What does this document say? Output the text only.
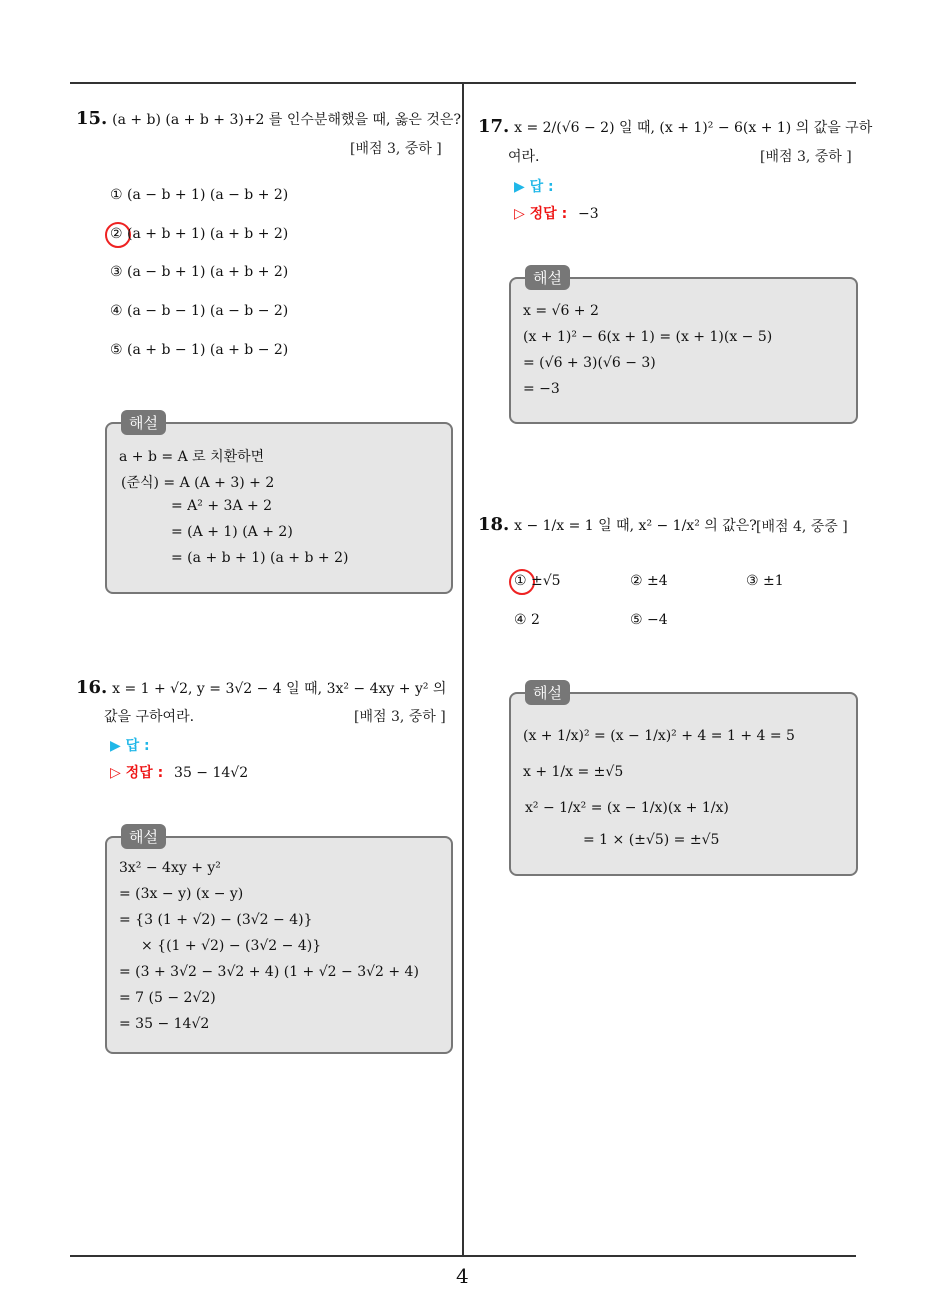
4
15. (a + b) (a + b + 3)+2 를 인수분해했을 때, 옳은 것은?
[배점 3, 중하 ]
① (a − b + 1) (a − b + 2)
② (a + b + 1) (a + b + 2)
③ (a − b + 1) (a + b + 2)
④ (a − b − 1) (a − b − 2)
⑤ (a + b − 1) (a + b − 2)
해설
a + b = A 로 치환하면
(준식) = A (A + 3) + 2
= A² + 3A + 2
= (A + 1) (A + 2)
= (a + b + 1) (a + b + 2)
16. x = 1 + √2, y = 3√2 − 4 일 때, 3x² − 4xy + y² 의
값을 구하여라.	[배점 3, 중하 ]
▶ 답 :
▷ 정답 : 35 − 14√2
해설
3x² − 4xy + y²
= (3x − y) (x − y)
= {3 (1 + √2) − (3√2 − 4)}
× {(1 + √2) − (3√2 − 4)}
= (3 + 3√2 − 3√2 + 4) (1 + √2 − 3√2 + 4)
= 7 (5 − 2√2)
= 35 − 14√2
17. x = 2/(√6 − 2) 일 때, (x + 1)² − 6(x + 1) 의 값을 구하
여라.	[배점 3, 중하 ]
▶ 답 :
▷ 정답 : −3
해설
x = √6 + 2
(x + 1)² − 6(x + 1) = (x + 1)(x − 5)
= (√6 + 3)(√6 − 3)
= −3
18. x − 1/x = 1 일 때, x² − 1/x² 의 값은? [배점 4, 중중 ]
① ±√5	② ±4	③ ±1
④ 2	⑤ −4
해설
(x + 1/x)² = (x − 1/x)² + 4 = 1 + 4 = 5
x + 1/x = ±√5
x² − 1/x² = (x − 1/x)(x + 1/x)
= 1 × (±√5) = ±√5
